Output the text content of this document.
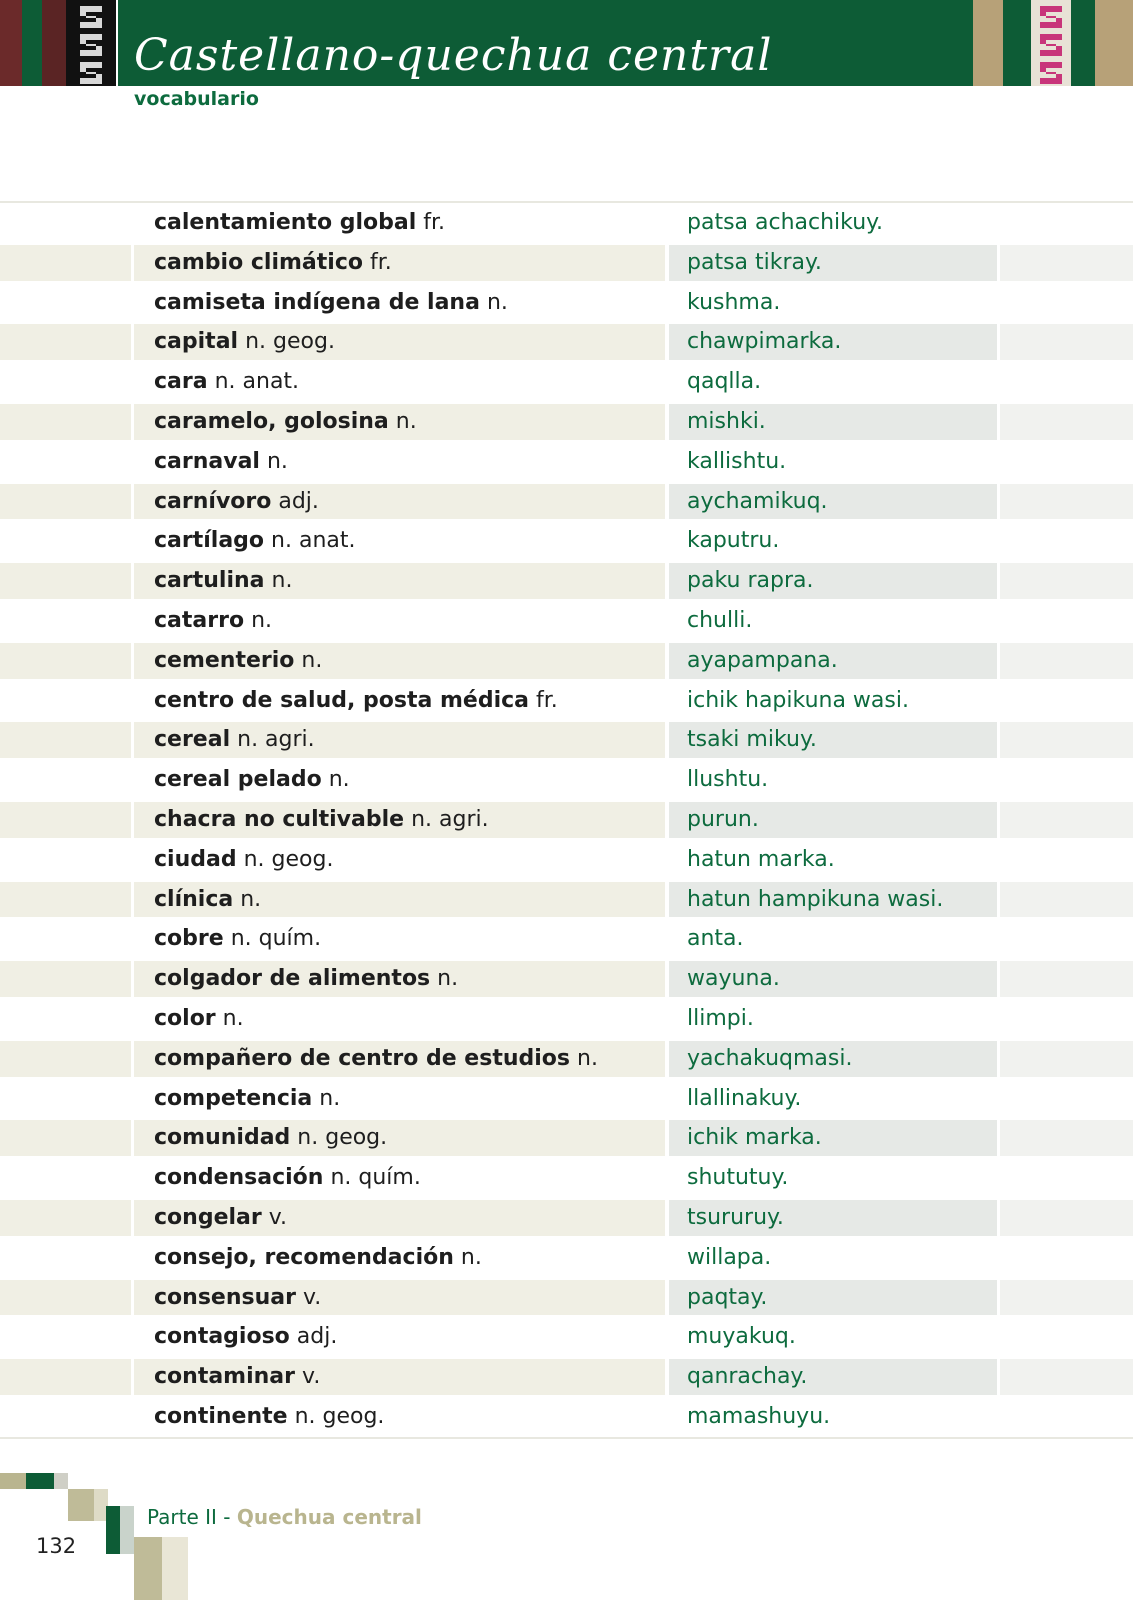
Castellano-quechua central
vocabulario
calentamiento global fr.	patsa achachikuy.
cambio climático fr.	patsa tikray.
camiseta indígena de lana n.	kushma.
capital n. geog.	chawpimarka.
cara n. anat.	qaqlla.
caramelo, golosina n.	mishki.
carnaval n.	kallishtu.
carnívoro adj.	aychamikuq.
cartílago n. anat.	kaputru.
cartulina n.	paku rapra.
catarro n.	chulli.
cementerio n.	ayapampana.
centro de salud, posta médica fr.	ichik hapikuna wasi.
cereal n. agri.	tsaki mikuy.
cereal pelado n.	llushtu.
chacra no cultivable n. agri.	purun.
ciudad n. geog.	hatun marka.
clínica n.	hatun hampikuna wasi.
cobre n. quím.	anta.
colgador de alimentos n.	wayuna.
color n.	llimpi.
compañero de centro de estudios n.	yachakuqmasi.
competencia n.	llallinakuy.
comunidad n. geog.	ichik marka.
condensación n. quím.	shututuy.
congelar v.	tsururuy.
consejo, recomendación n.	willapa.
consensuar v.	paqtay.
contagioso adj.	muyakuq.
contaminar v.	qanrachay.
continente n. geog.	mamashuyu.

Parte II - Quechua central

132
